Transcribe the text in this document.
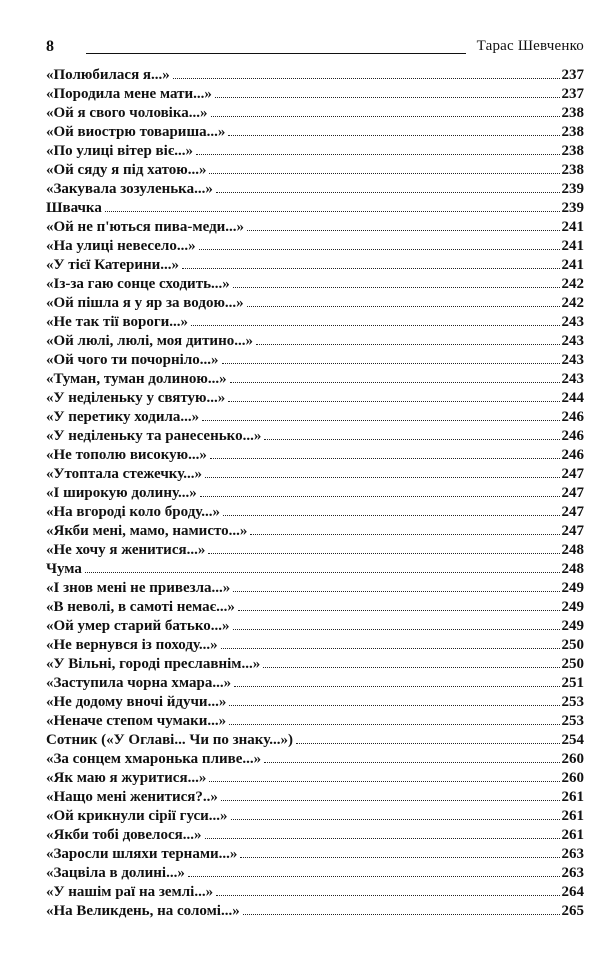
8	Тарас Шевченко
«Полюбилася я...»	237
«Породила мене мати...»	237
«Ой я свого чоловіка...»	238
«Ой виострю товариша...»	238
«По улиці вітер віє...»	238
«Ой сяду я під хатою...»	238
«Закувала зозуленька...»	239
Швачка	239
«Ой не п'ються пива-меди...»	241
«На улиці невесело...»	241
«У тієї Катерини...»	241
«Із-за гаю сонце сходить...»	242
«Ой пішла я у яр за водою...»	242
«Не так тії вороги...»	243
«Ой люлі, люлі, моя дитино...»	243
«Ой чого ти почорніло...»	243
«Туман, туман долиною...»	243
«У неділеньку у святую...»	244
«У перетику ходила...»	246
«У неділеньку та ранесенько...»	246
«Не тополю високую...»	246
«Утоптала стежечку...»	247
«І широкую долину...»	247
«На вгороді коло броду...»	247
«Якби мені, мамо, намисто...»	247
«Не хочу я женитися...»	248
Чума	248
«І знов мені не привезла...»	249
«В неволі, в самоті немає...»	249
«Ой умер старий батько...»	249
«Не вернувся із походу...»	250
«У Вільні, городі преславнім...»	250
«Заступила чорна хмара...»	251
«Не додому вночі йдучи...»	253
«Неначе степом чумаки...»	253
Сотник («У Оглаві... Чи по знаку...»)	254
«За сонцем хмаронька пливе...»	260
«Як маю я журитися...»	260
«Нащо мені женитися?..»	261
«Ой крикнули сірії гуси...»	261
«Якби тобі довелося...»	261
«Заросли шляхи тернами...»	263
«Зацвіла в долині...»	263
«У нашім раї на землі...»	264
«На Великдень, на соломі...»	265
